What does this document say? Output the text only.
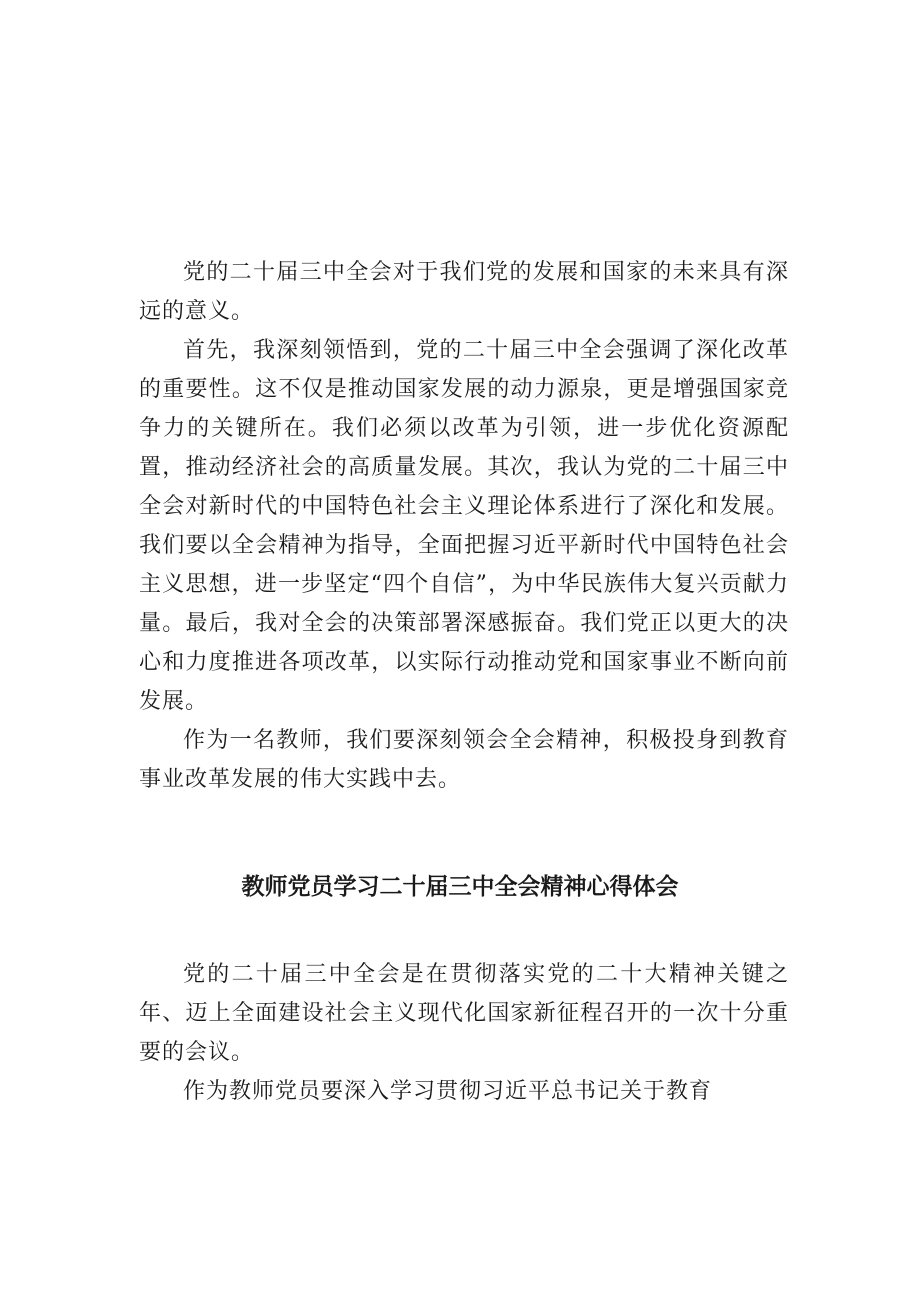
党的二十届三中全会对于我们党的发展和国家的未来具有深远的意义。

首先，我深刻领悟到，党的二十届三中全会强调了深化改革的重要性。这不仅是推动国家发展的动力源泉，更是增强国家竞争力的关键所在。我们必须以改革为引领，进一步优化资源配置，推动经济社会的高质量发展。其次，我认为党的二十届三中全会对新时代的中国特色社会主义理论体系进行了深化和发展。我们要以全会精神为指导，全面把握习近平新时代中国特色社会主义思想，进一步坚定“四个自信”，为中华民族伟大复兴贡献力量。最后，我对全会的决策部署深感振奋。我们党正以更大的决心和力度推进各项改革，以实际行动推动党和国家事业不断向前发展。

作为一名教师，我们要深刻领会全会精神，积极投身到教育事业改革发展的伟大实践中去。

教师党员学习二十届三中全会精神心得体会

党的二十届三中全会是在贯彻落实党的二十大精神关键之年、迈上全面建设社会主义现代化国家新征程召开的一次十分重要的会议。

作为教师党员要深入学习贯彻习近平总书记关于教育
